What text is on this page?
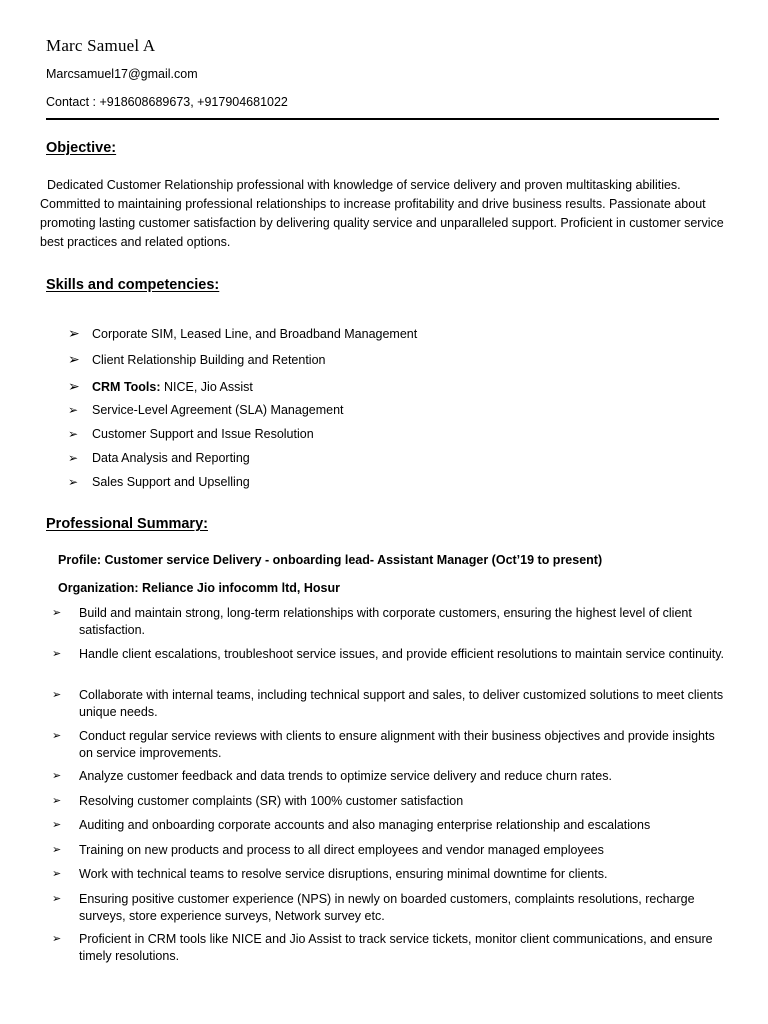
Marc Samuel A
Marcsamuel17@gmail.com
Contact : +918608689673, +917904681022
Objective:
Dedicated Customer Relationship professional with knowledge of service delivery and proven multitasking abilities. Committed to maintaining professional relationships to increase profitability and drive business results. Passionate about promoting lasting customer satisfaction by delivering quality service and unparalleled support. Proficient in customer service best practices and related options.
Skills and competencies:
➢ Corporate SIM, Leased Line, and Broadband Management
➢ Client Relationship Building and Retention
➢ CRM Tools: NICE, Jio Assist
➢ Service-Level Agreement (SLA) Management
➢ Customer Support and Issue Resolution
➢ Data Analysis and Reporting
➢ Sales Support and Upselling
Professional Summary:
Profile: Customer service Delivery - onboarding lead- Assistant Manager (Oct’19 to present)
Organization: Reliance Jio infocomm ltd, Hosur
➢	Build and maintain strong, long-term relationships with corporate customers, ensuring the highest level of client satisfaction.
➢	Handle client escalations, troubleshoot service issues, and provide efficient resolutions to maintain service continuity.
➢	Collaborate with internal teams, including technical support and sales, to deliver customized solutions to meet clients unique needs.
➢	Conduct regular service reviews with clients to ensure alignment with their business objectives and provide insights on service improvements.
➢	Analyze customer feedback and data trends to optimize service delivery and reduce churn rates.
➢	Resolving customer complaints (SR) with 100% customer satisfaction
➢	Auditing and onboarding corporate accounts and also managing enterprise relationship and escalations
➢	Training on new products and process to all direct employees and vendor managed employees
➢	Work with technical teams to resolve service disruptions, ensuring minimal downtime for clients.
➢	Ensuring positive customer experience (NPS) in newly on boarded customers, complaints resolutions, recharge surveys, store experience surveys, Network survey etc.
➢	Proficient in CRM tools like NICE and Jio Assist to track service tickets, monitor client communications, and ensure timely resolutions.
